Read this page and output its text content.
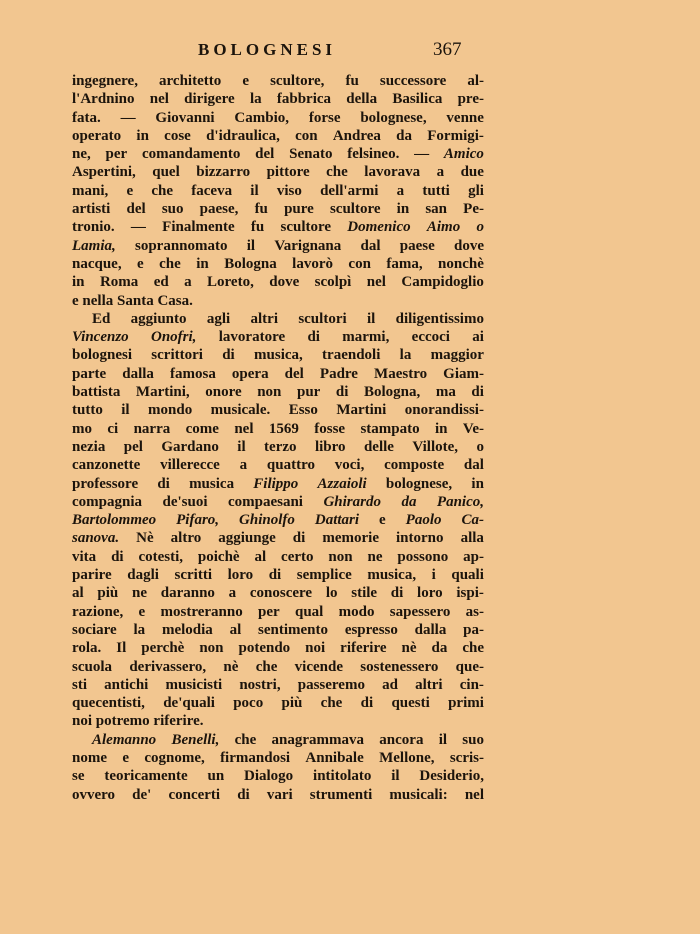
BOLOGNESI	367
ingegnere, architetto e scultore, fu successore al-
l'Ardnino nel dirigere la fabbrica della Basilica pre-
fata. — Giovanni Cambio, forse bolognese, venne
operato in cose d'idraulica, con Andrea da Formigi-
ne, per comandamento del Senato felsineo. — Amico
Aspertini, quel bizzarro pittore che lavorava a due
mani, e che faceva il viso dell'armi a tutti gli
artisti del suo paese, fu pure scultore in san Pe-
tronio. — Finalmente fu scultore Domenico Aimo o
Lamia, soprannomato il Varignana dal paese dove
nacque, e che in Bologna lavorò con fama, nonchè
in Roma ed a Loreto, dove scolpì nel Campidoglio
e nella Santa Casa.
Ed aggiunto agli altri scultori il diligentissimo
Vincenzo Onofri, lavoratore di marmi, eccoci ai
bolognesi scrittori di musica, traendoli la maggior
parte dalla famosa opera del Padre Maestro Giam-
battista Martini, onore non pur di Bologna, ma di
tutto il mondo musicale. Esso Martini onorandissi-
mo ci narra come nel 1569 fosse stampato in Ve-
nezia pel Gardano il terzo libro delle Villote, o
canzonette villerecce a quattro voci, composte dal
professore di musica Filippo Azzaioli bolognese, in
compagnia de'suoi compaesani Ghirardo da Panico,
Bartolommeo Pifaro, Ghinolfo Dattari e Paolo Ca-
sanova. Nè altro aggiunge di memorie intorno alla
vita di cotesti, poichè al certo non ne possono ap-
parire dagli scritti loro di semplice musica, i quali
al più ne daranno a conoscere lo stile di loro ispi-
razione, e mostreranno per qual modo sapessero as-
sociare la melodia al sentimento espresso dalla pa-
rola. Il perchè non potendo noi riferire nè da che
scuola derivassero, nè che vicende sostenessero que-
sti antichi musicisti nostri, passeremo ad altri cin-
quecentisti, de'quali poco più che di questi primi
noi potremo riferire.
Alemanno Benelli, che anagrammava ancora il suo
nome e cognome, firmandosi Annibale Mellone, scris-
se teoricamente un Dialogo intitolato il Desiderio,
ovvero de' concerti di vari strumenti musicali: nel
